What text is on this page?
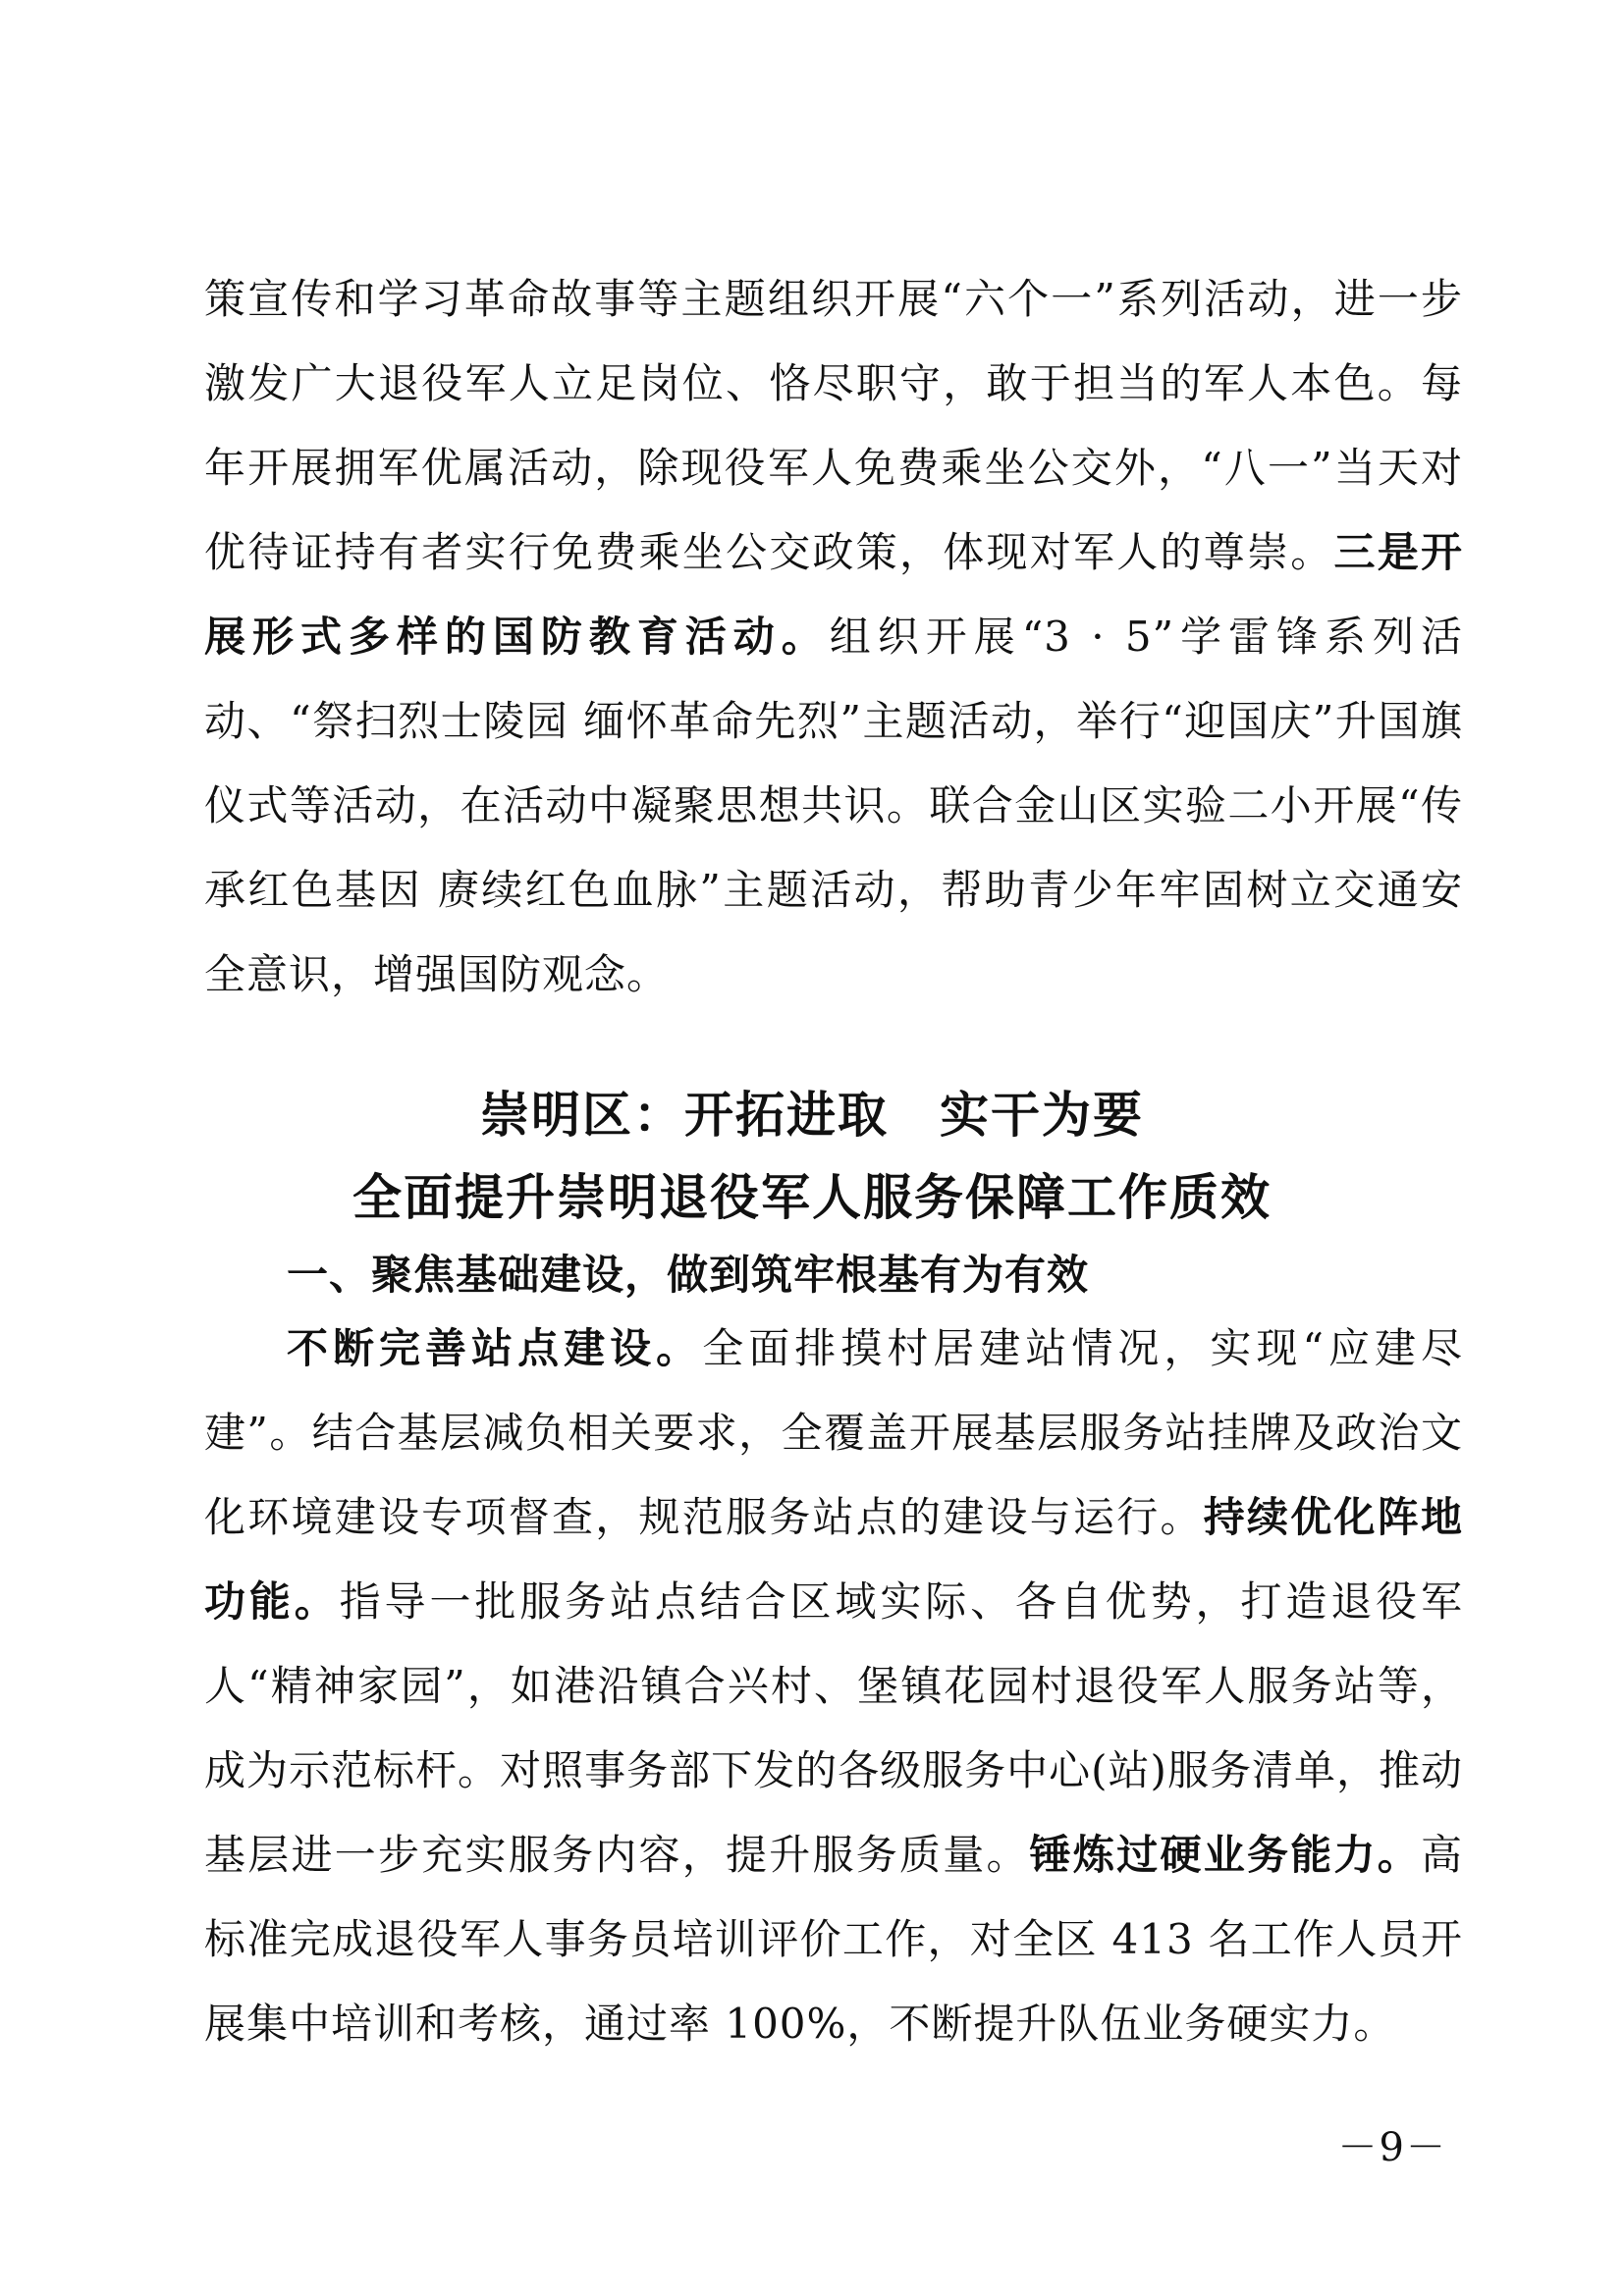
策宣传和学习革命故事等主题组织开展“六个一”系列活动，进一步激发广大退役军人立足岗位、恪尽职守，敢于担当的军人本色。每年开展拥军优属活动，除现役军人免费乘坐公交外，“八一”当天对优待证持有者实行免费乘坐公交政策，体现对军人的尊崇。三是开展形式多样的国防教育活动。组织开展“3 · 5”学雷锋系列活动、“祭扫烈士陵园 缅怀革命先烈”主题活动，举行“迎国庆”升国旗仪式等活动，在活动中凝聚思想共识。联合金山区实验二小开展“传承红色基因 赓续红色血脉”主题活动，帮助青少年牢固树立交通安全意识，增强国防观念。

崇明区：开拓进取　实干为要
全面提升崇明退役军人服务保障工作质效
一、聚焦基础建设，做到筑牢根基有为有效

不断完善站点建设。全面排摸村居建站情况，实现“应建尽建”。结合基层减负相关要求，全覆盖开展基层服务站挂牌及政治文化环境建设专项督查，规范服务站点的建设与运行。持续优化阵地功能。指导一批服务站点结合区域实际、各自优势，打造退役军人“精神家园”，如港沿镇合兴村、堡镇花园村退役军人服务站等，成为示范标杆。对照事务部下发的各级服务中心(站)服务清单，推动基层进一步充实服务内容，提升服务质量。锤炼过硬业务能力。高标准完成退役军人事务员培训评价工作，对全区 413 名工作人员开展集中培训和考核，通过率 100%，不断提升队伍业务硬实力。

－9－
